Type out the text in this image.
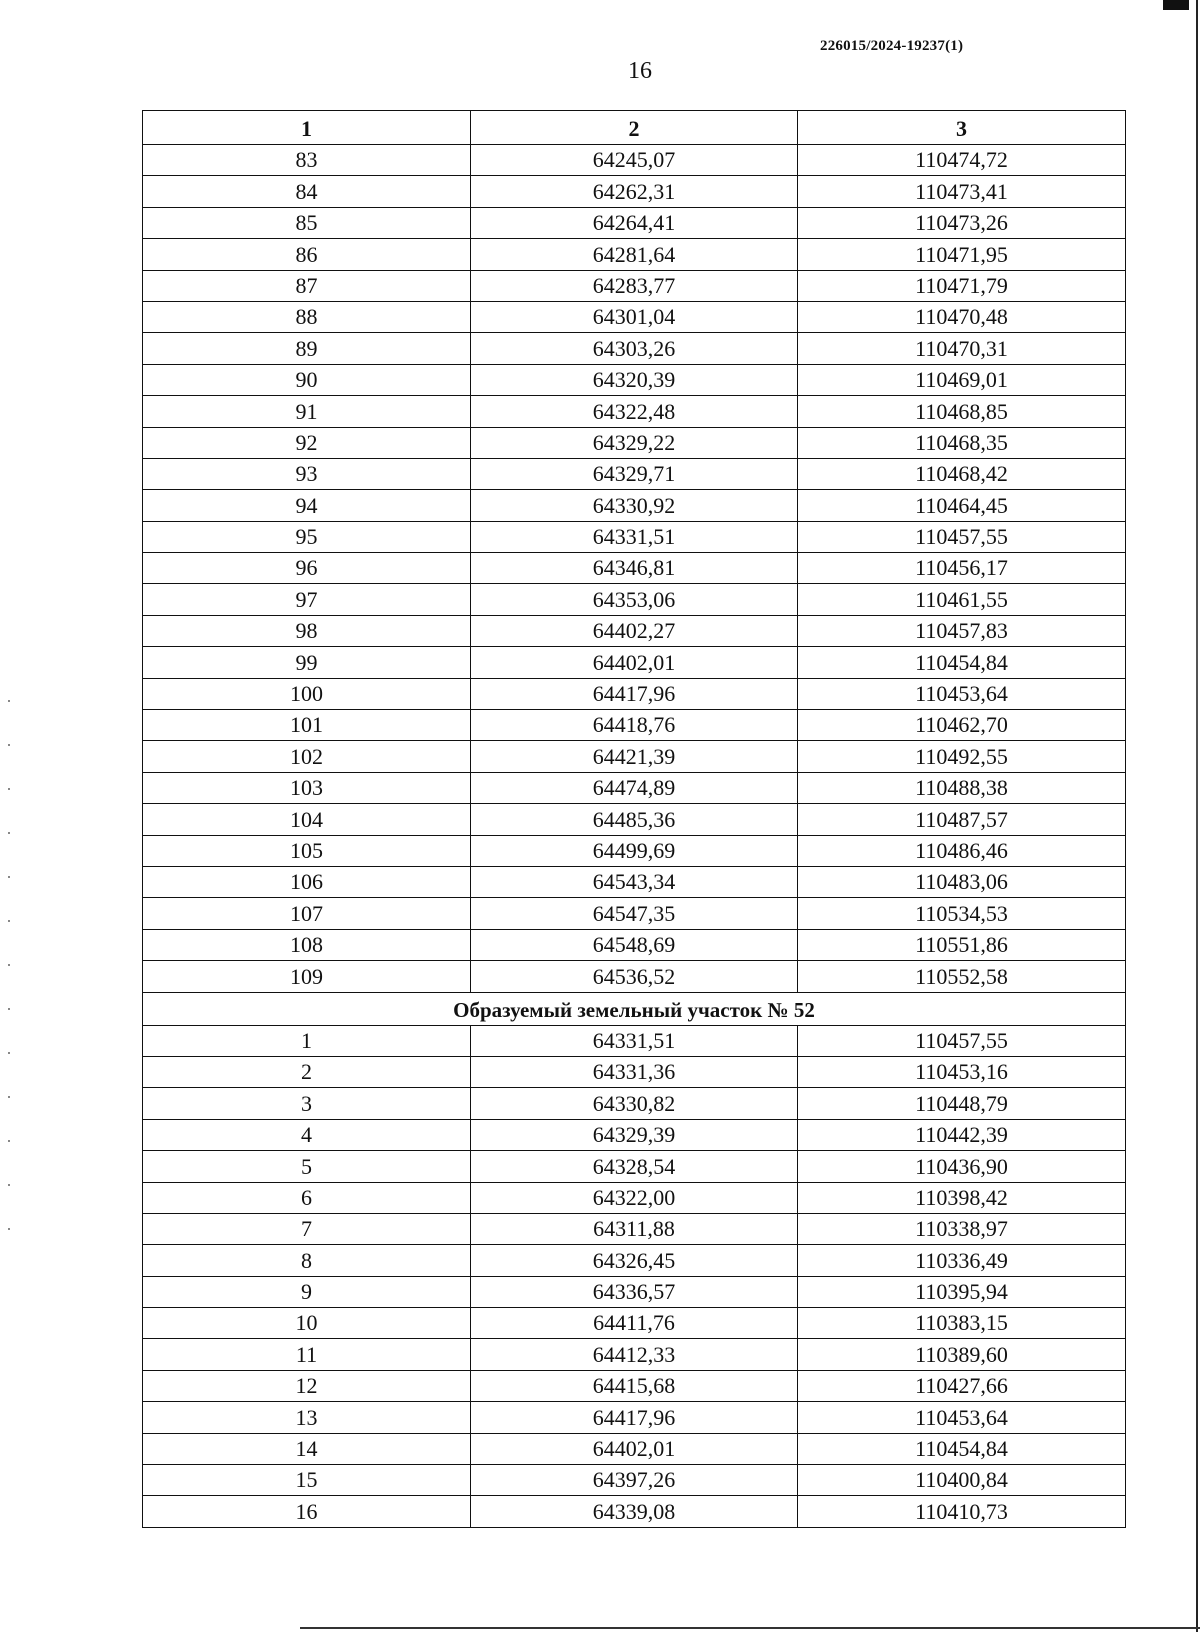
226015/2024-19237(1)
16
1	2	3
83	64245,07	110474,72
84	64262,31	110473,41
85	64264,41	110473,26
86	64281,64	110471,95
87	64283,77	110471,79
88	64301,04	110470,48
89	64303,26	110470,31
90	64320,39	110469,01
91	64322,48	110468,85
92	64329,22	110468,35
93	64329,71	110468,42
94	64330,92	110464,45
95	64331,51	110457,55
96	64346,81	110456,17
97	64353,06	110461,55
98	64402,27	110457,83
99	64402,01	110454,84
100	64417,96	110453,64
101	64418,76	110462,70
102	64421,39	110492,55
103	64474,89	110488,38
104	64485,36	110487,57
105	64499,69	110486,46
106	64543,34	110483,06
107	64547,35	110534,53
108	64548,69	110551,86
109	64536,52	110552,58
Образуемый земельный участок № 52		
1	64331,51	110457,55
2	64331,36	110453,16
3	64330,82	110448,79
4	64329,39	110442,39
5	64328,54	110436,90
6	64322,00	110398,42
7	64311,88	110338,97
8	64326,45	110336,49
9	64336,57	110395,94
10	64411,76	110383,15
11	64412,33	110389,60
12	64415,68	110427,66
13	64417,96	110453,64
14	64402,01	110454,84
15	64397,26	110400,84
16	64339,08	110410,73
